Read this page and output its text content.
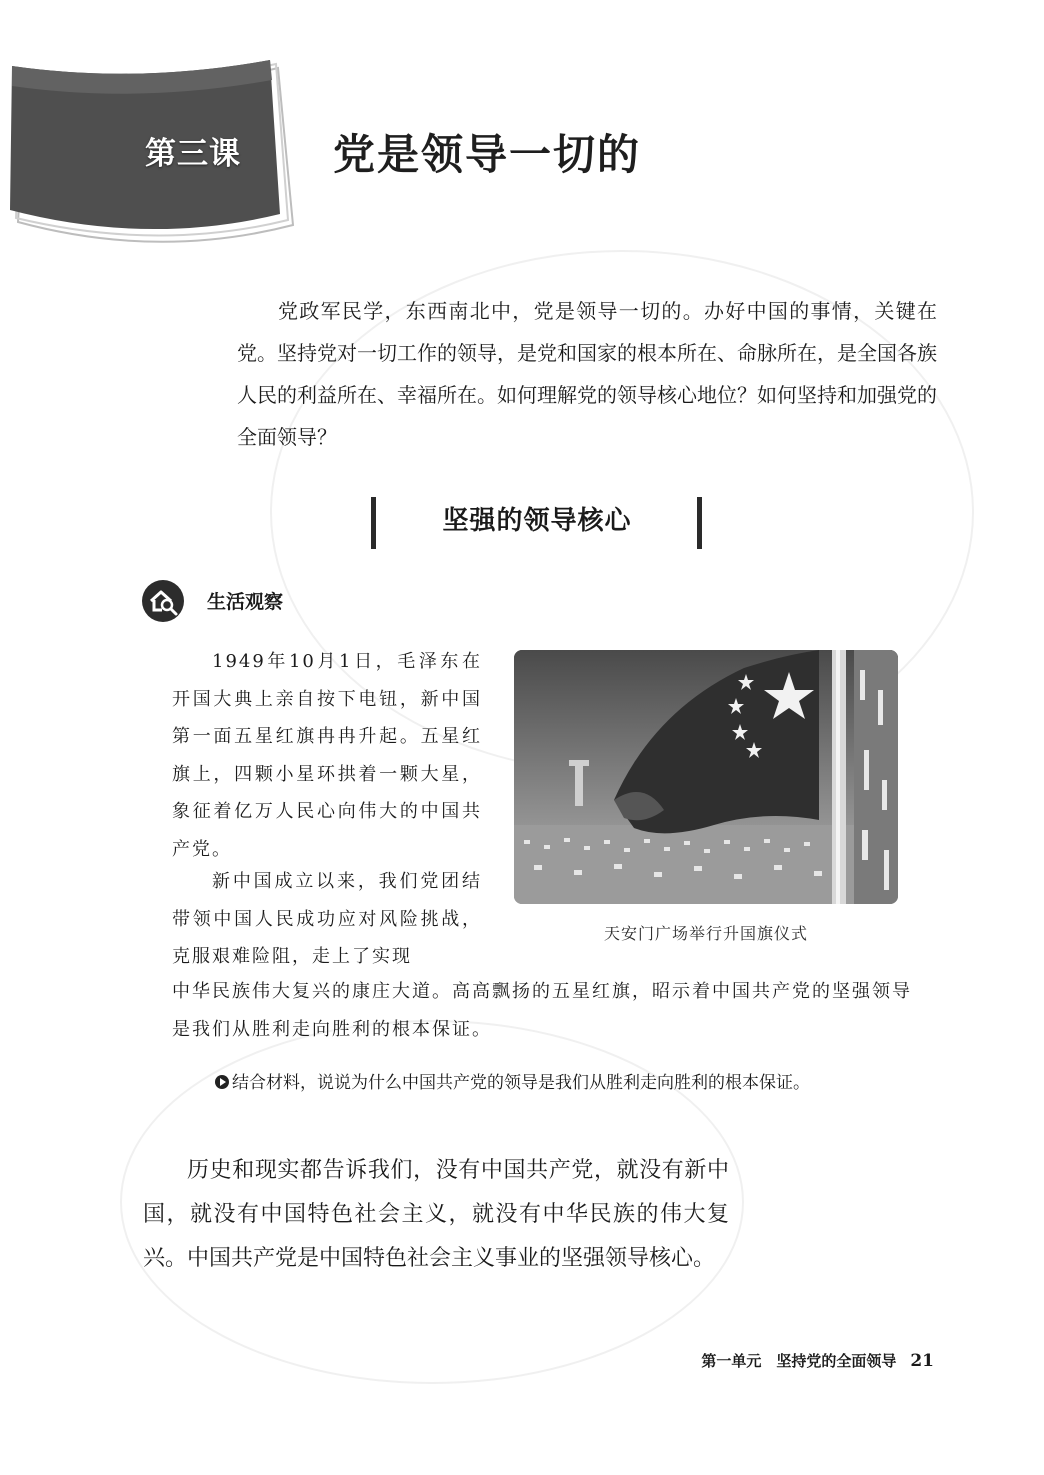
第三课 党是领导一切的
党政军民学，东西南北中，党是领导一切的。办好中国的事情，关键在党。坚持党对一切工作的领导，是党和国家的根本所在、命脉所在，是全国各族人民的利益所在、幸福所在。如何理解党的领导核心地位？如何坚持和加强党的全面领导？
坚强的领导核心
生活观察

1949年10月1日，毛泽东在开国大典上亲自按下电钮，新中国第一面五星红旗冉冉升起。五星红旗上，四颗小星环拱着一颗大星，象征着亿万人民心向伟大的中国共产党。

新中国成立以来，我们党团结带领中国人民成功应对风险挑战，克服艰难险阻，走上了实现

中华民族伟大复兴的康庄大道。高高飘扬的五星红旗，昭示着中国共产党的坚强领导是我们从胜利走向胜利的根本保证。

天安门广场举行升国旗仪式
结合材料，说说为什么中国共产党的领导是我们从胜利走向胜利的根本保证。

历史和现实都告诉我们，没有中国共产党，就没有新中国，就没有中国特色社会主义，就没有中华民族的伟大复兴。中国共产党是中国特色社会主义事业的坚强领导核心。

第一单元　坚持党的全面领导 21
